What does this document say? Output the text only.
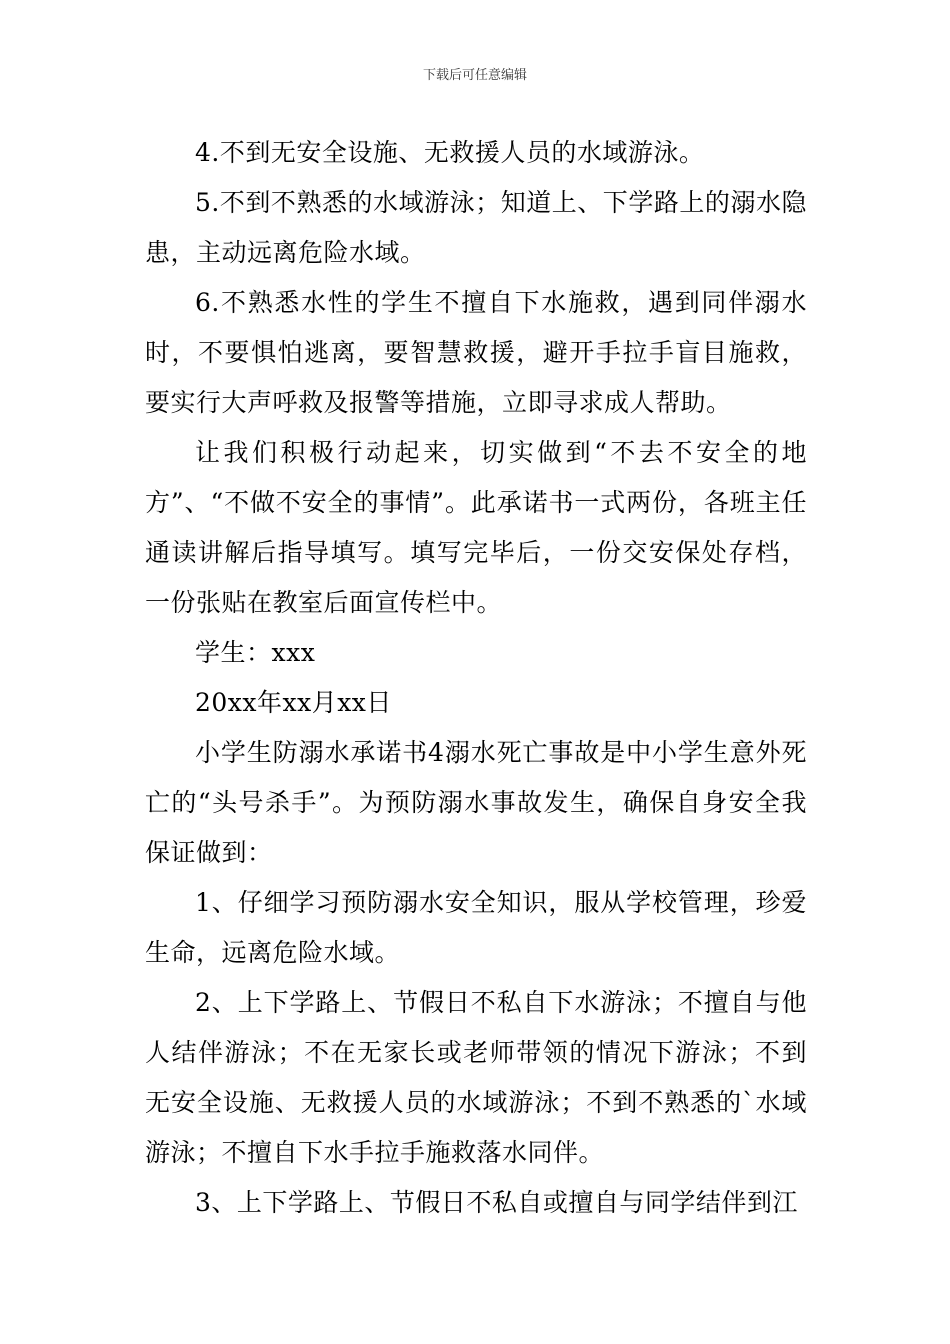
下载后可任意编辑

4.不到无安全设施、无救援人员的水域游泳。

5.不到不熟悉的水域游泳；知道上、下学路上的溺水隐患，主动远离危险水域。

6.不熟悉水性的学生不擅自下水施救，遇到同伴溺水时，不要惧怕逃离，要智慧救援，避开手拉手盲目施救，要实行大声呼救及报警等措施，立即寻求成人帮助。

让我们积极行动起来，切实做到“不去不安全的地方”、“不做不安全的事情”。此承诺书一式两份，各班主任通读讲解后指导填写。填写完毕后，一份交安保处存档，一份张贴在教室后面宣传栏中。

学生：xxx

20xx年xx月xx日

小学生防溺水承诺书4溺水死亡事故是中小学生意外死亡的“头号杀手”。为预防溺水事故发生，确保自身安全我保证做到：

1、仔细学习预防溺水安全知识，服从学校管理，珍爱生命，远离危险水域。

2、上下学路上、节假日不私自下水游泳；不擅自与他人结伴游泳；不在无家长或老师带领的情况下游泳；不到无安全设施、无救援人员的水域游泳；不到不熟悉的`水域游泳；不擅自下水手拉手施救落水同伴。

3、上下学路上、节假日不私自或擅自与同学结伴到江
